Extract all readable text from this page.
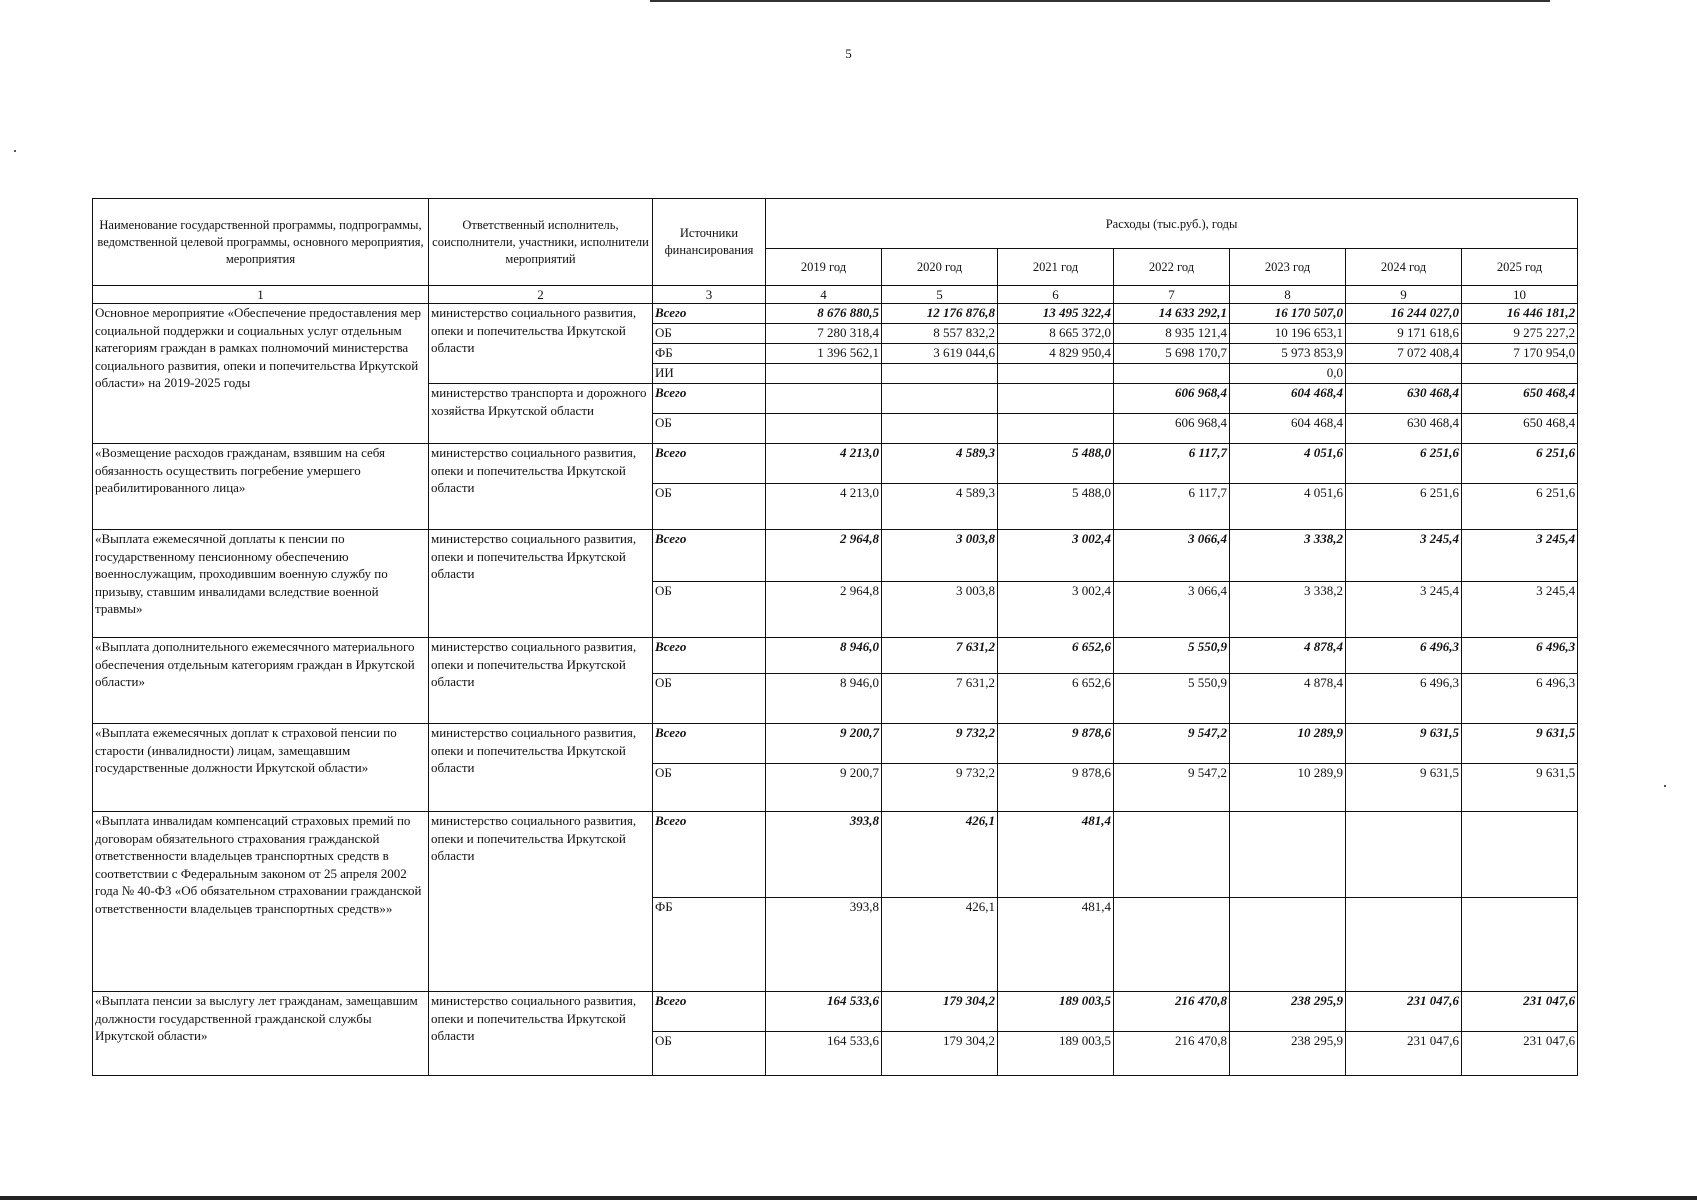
5
Наименование государственной программы, подпрограммы, ведомственной целевой программы, основного мероприятия, мероприятия	Ответственный исполнитель, соисполнители, участники, исполнители мероприятий	Источники финансирования	Расходы (тыс.руб.), годы						
			2019 год	2020 год	2021 год	2022 год	2023 год	2024 год	2025 год
1	2	3	4	5	6	7	8	9	10
Основное мероприятие «Обеспечение предоставления мер социальной поддержки и социальных услуг отдельным категориям граждан в рамках полномочий министерства социального развития, опеки и попечительства Иркутской области» на 2019-2025 годы	министерство социального развития, опеки и попечительства Иркутской области	Всего	8 676 880,5	12 176 876,8	13 495 322,4	14 633 292,1	16 170 507,0	16 244 027,0	16 446 181,2
		ОБ	7 280 318,4	8 557 832,2	8 665 372,0	8 935 121,4	10 196 653,1	9 171 618,6	9 275 227,2
		ФБ	1 396 562,1	3 619 044,6	4 829 950,4	5 698 170,7	5 973 853,9	7 072 408,4	7 170 954,0
		ИИ					0,0		
	министерство транспорта и дорожного хозяйства Иркутской области	Всего				606 968,4	604 468,4	630 468,4	650 468,4
		ОБ				606 968,4	604 468,4	630 468,4	650 468,4
«Возмещение расходов гражданам, взявшим на себя обязанность осуществить погребение умершего реабилитированного лица»	министерство социального развития, опеки и попечительства Иркутской области	Всего	4 213,0	4 589,3	5 488,0	6 117,7	4 051,6	6 251,6	6 251,6
		ОБ	4 213,0	4 589,3	5 488,0	6 117,7	4 051,6	6 251,6	6 251,6
«Выплата ежемесячной доплаты к пенсии по государственному пенсионному обеспечению военнослужащим, проходившим военную службу по призыву, ставшим инвалидами вследствие военной травмы»	министерство социального развития, опеки и попечительства Иркутской области	Всего	2 964,8	3 003,8	3 002,4	3 066,4	3 338,2	3 245,4	3 245,4
		ОБ	2 964,8	3 003,8	3 002,4	3 066,4	3 338,2	3 245,4	3 245,4
«Выплата дополнительного ежемесячного материального обеспечения отдельным категориям граждан в Иркутской области»	министерство социального развития, опеки и попечительства Иркутской области	Всего	8 946,0	7 631,2	6 652,6	5 550,9	4 878,4	6 496,3	6 496,3
		ОБ	8 946,0	7 631,2	6 652,6	5 550,9	4 878,4	6 496,3	6 496,3
«Выплата ежемесячных доплат к страховой пенсии по старости (инвалидности) лицам, замещавшим государственные должности Иркутской области»	министерство социального развития, опеки и попечительства Иркутской области	Всего	9 200,7	9 732,2	9 878,6	9 547,2	10 289,9	9 631,5	9 631,5
		ОБ	9 200,7	9 732,2	9 878,6	9 547,2	10 289,9	9 631,5	9 631,5
«Выплата инвалидам компенсаций страховых премий по договорам обязательного страхования гражданской ответственности владельцев транспортных средств в соответствии с Федеральным законом от 25 апреля 2002 года № 40-ФЗ «Об обязательном страховании гражданской ответственности владельцев транспортных средств»»	министерство социального развития, опеки и попечительства Иркутской области	Всего	393,8	426,1	481,4				
		ФБ	393,8	426,1	481,4				
«Выплата пенсии за выслугу лет гражданам, замещавшим должности государственной гражданской службы Иркутской области»	министерство социального развития, опеки и попечительства Иркутской области	Всего	164 533,6	179 304,2	189 003,5	216 470,8	238 295,9	231 047,6	231 047,6
		ОБ	164 533,6	179 304,2	189 003,5	216 470,8	238 295,9	231 047,6	231 047,6
